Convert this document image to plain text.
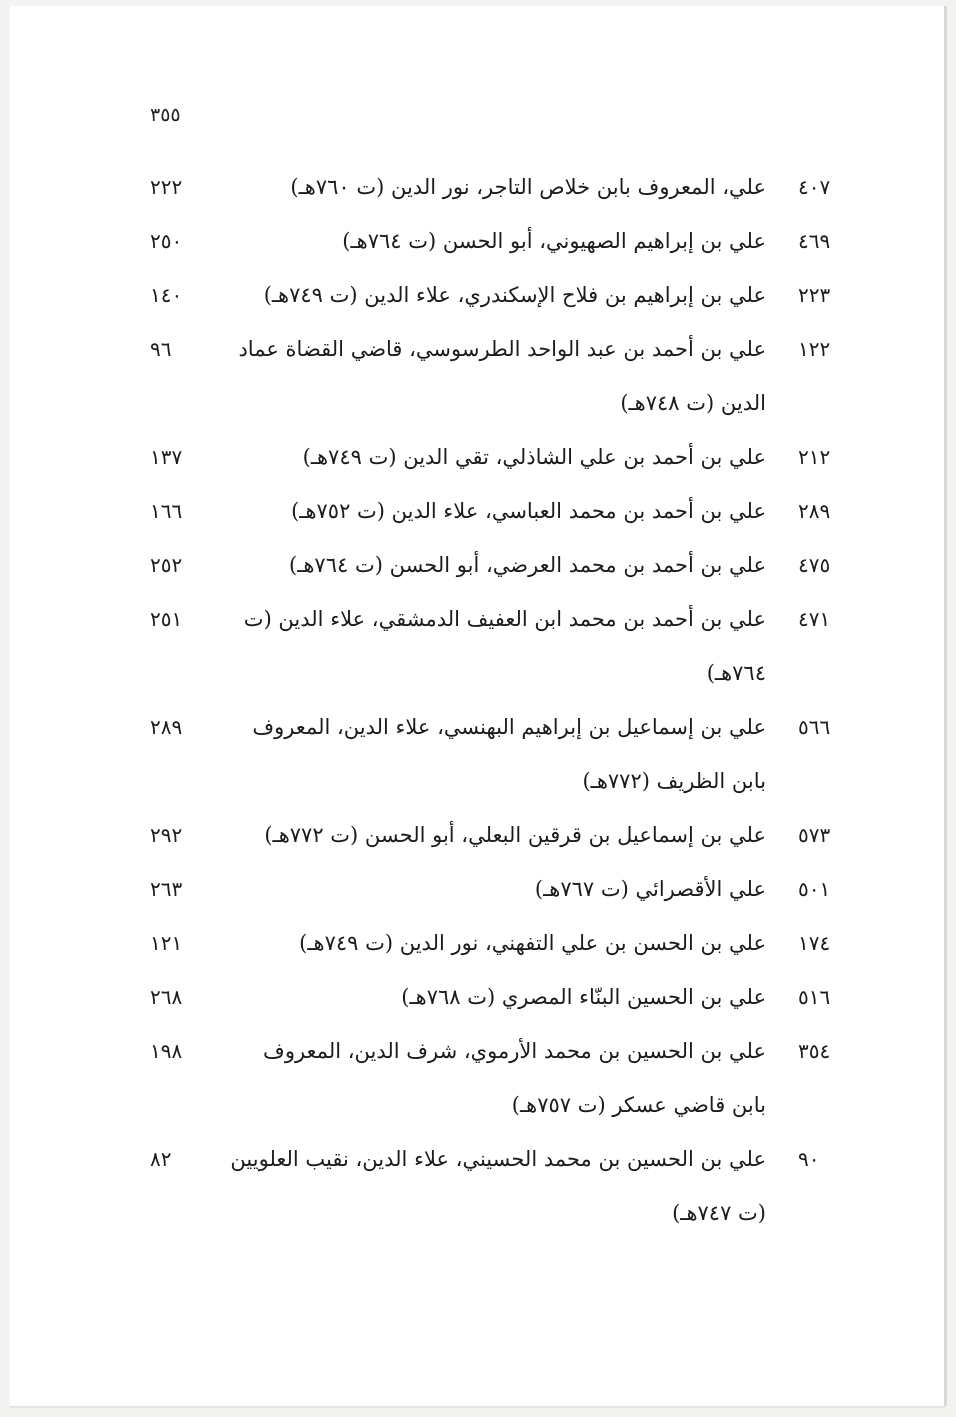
٣٥٥
٤٠٧
علي، المعروف بابن خلاص التاجر، نور الدين (ت ٧٦٠هـ)
٢٢٢
٤٦٩
علي بن إبراهيم الصهيوني، أبو الحسن (ت ٧٦٤هـ)
٢٥٠
٢٢٣
علي بن إبراهيم بن فلاح الإسكندري، علاء الدين (ت ٧٤٩هـ)
١٤٠
١٢٢
علي بن أحمد بن عبد الواحد الطرسوسي، قاضي القضاة عماد
الدين (ت ٧٤٨هـ)
٩٦
٢١٢
علي بن أحمد بن علي الشاذلي، تقي الدين (ت ٧٤٩هـ)
١٣٧
٢٨٩
علي بن أحمد بن محمد العباسي، علاء الدين (ت ٧٥٢هـ)
١٦٦
٤٧٥
علي بن أحمد بن محمد العرضي، أبو الحسن (ت ٧٦٤هـ)
٢٥٢
٤٧١
علي بن أحمد بن محمد ابن العفيف الدمشقي، علاء الدين (ت
٧٦٤هـ)
٢٥١
٥٦٦
علي بن إسماعيل بن إبراهيم البهنسي، علاء الدين، المعروف
بابن الظريف (٧٧٢هـ)
٢٨٩
٥٧٣
علي بن إسماعيل بن قرقين البعلي، أبو الحسن (ت ٧٧٢هـ)
٢٩٢
٥٠١
علي الأقصرائي (ت ٧٦٧هـ)
٢٦٣
١٧٤
علي بن الحسن بن علي التفهني، نور الدين (ت ٧٤٩هـ)
١٢١
٥١٦
علي بن الحسين البنّاء المصري (ت ٧٦٨هـ)
٢٦٨
٣٥٤
علي بن الحسين بن محمد الأرموي، شرف الدين، المعروف
بابن قاضي عسكر (ت ٧٥٧هـ)
١٩٨
٩٠
علي بن الحسين بن محمد الحسيني، علاء الدين، نقيب العلويين
(ت ٧٤٧هـ)
٨٢
